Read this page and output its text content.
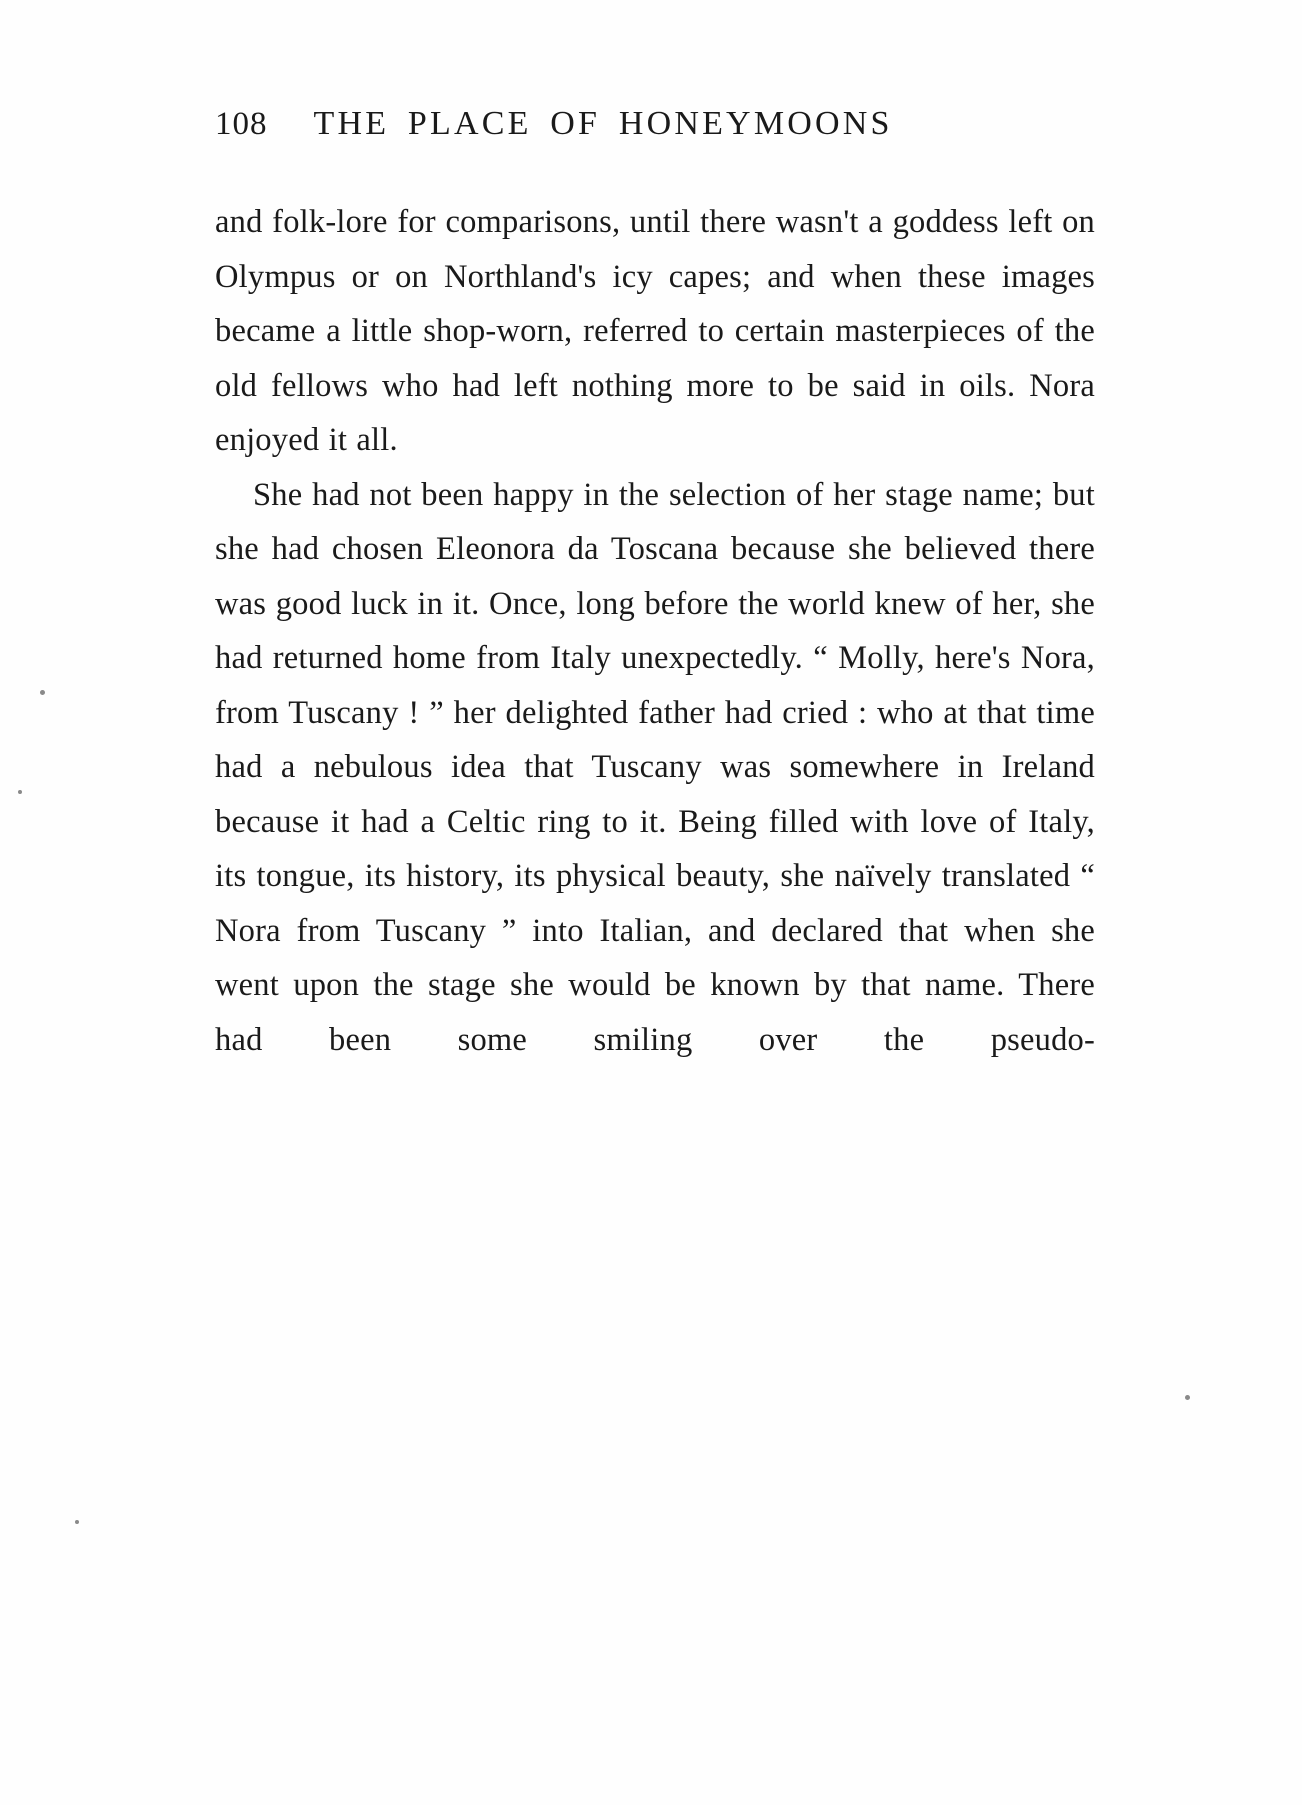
108 THE PLACE OF HONEYMOONS

and folk-lore for comparisons, until there wasn't a goddess left on Olympus or on Northland's icy capes; and when these images became a little shop-worn, referred to certain masterpieces of the old fellows who had left nothing more to be said in oils. Nora enjoyed it all.

She had not been happy in the selection of her stage name; but she had chosen Eleonora da Toscana because she believed there was good luck in it. Once, long before the world knew of her, she had returned home from Italy unexpectedly. “ Molly, here's Nora, from Tuscany ! ” her delighted father had cried : who at that time had a nebulous idea that Tuscany was somewhere in Ireland because it had a Celtic ring to it. Being filled with love of Italy, its tongue, its history, its physical beauty, she naïvely translated “ Nora from Tuscany ” into Italian, and declared that when she went upon the stage she would be known by that name. There had been some smiling over the pseudo-
